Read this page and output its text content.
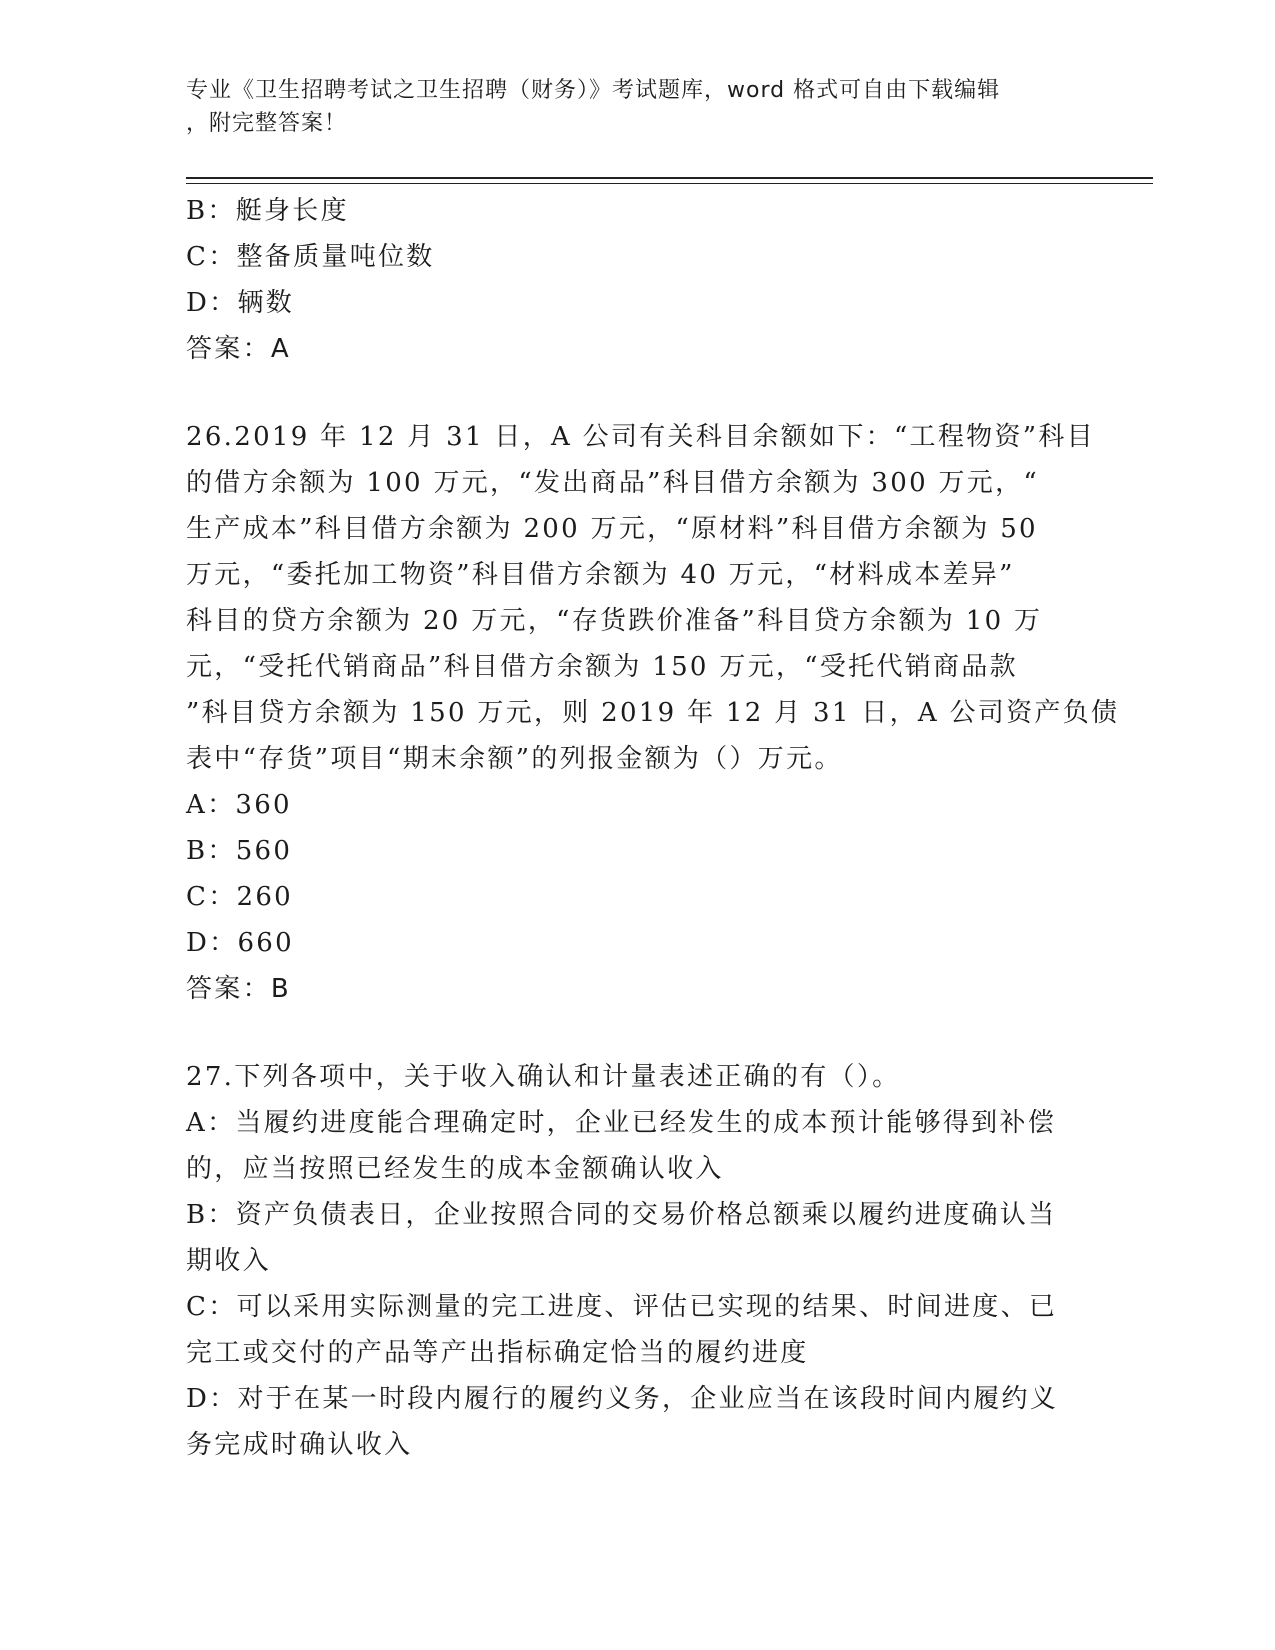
专业《卫生招聘考试之卫生招聘（财务）》考试题库，word 格式可自由下载编辑
，附完整答案！
B：艇身长度
C：整备质量吨位数
D：辆数
答案：A
26.2019 年 12 月 31 日，A 公司有关科目余额如下：“工程物资”科目
的借方余额为 100 万元，“发出商品”科目借方余额为 300 万元，“
生产成本”科目借方余额为 200 万元，“原材料”科目借方余额为 50
万元，“委托加工物资”科目借方余额为 40 万元，“材料成本差异”
科目的贷方余额为 20 万元，“存货跌价准备”科目贷方余额为 10 万
元，“受托代销商品”科目借方余额为 150 万元，“受托代销商品款
”科目贷方余额为 150 万元，则 2019 年 12 月 31 日，A 公司资产负债
表中“存货”项目“期末余额”的列报金额为（）万元。
A：360
B：560
C：260
D：660
答案：B
27.下列各项中，关于收入确认和计量表述正确的有（）。
A：当履约进度能合理确定时，企业已经发生的成本预计能够得到补偿
的，应当按照已经发生的成本金额确认收入
B：资产负债表日，企业按照合同的交易价格总额乘以履约进度确认当
期收入
C：可以采用实际测量的完工进度、评估已实现的结果、时间进度、已
完工或交付的产品等产出指标确定恰当的履约进度
D：对于在某一时段内履行的履约义务，企业应当在该段时间内履约义
务完成时确认收入
